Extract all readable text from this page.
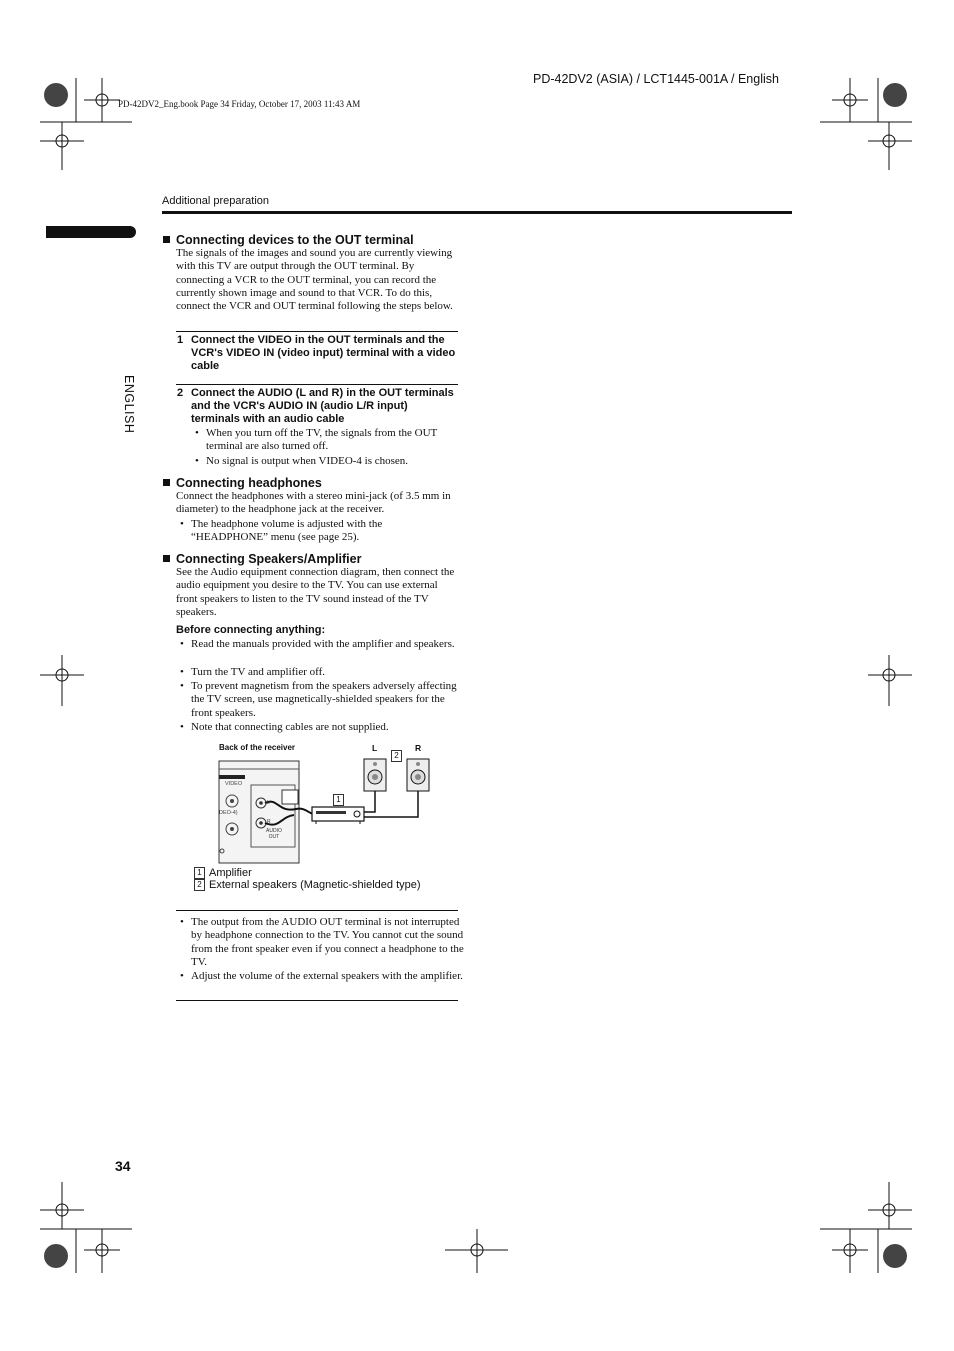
PD-42DV2 (ASIA) / LCT1445-001A / English
PD-42DV2_Eng.book Page 34 Friday, October 17, 2003 11:43 AM
Additional preparation
ENGLISH
Connecting devices to the OUT terminal
The signals of the images and sound you are currently viewing with this TV are output through the OUT terminal. By connecting a VCR to the OUT terminal, you can record the currently shown image and sound to that VCR. To do this, connect the VCR and OUT terminal following the steps below.
1 Connect the VIDEO in the OUT terminals and the VCR's VIDEO IN (video input) terminal with a video cable
2 Connect the AUDIO (L and R) in the OUT terminals and the VCR's AUDIO IN (audio L/R input) terminals with an audio cable
• When you turn off the TV, the signals from the OUT terminal are also turned off.
• No signal is output when VIDEO-4 is chosen.
Connecting headphones
Connect the headphones with a stereo mini-jack (of 3.5 mm in diameter) to the headphone jack at the receiver.
• The headphone volume is adjusted with the “HEADPHONE” menu (see page 25).
Connecting Speakers/Amplifier
See the Audio equipment connection diagram, then connect the audio equipment you desire to the TV. You can use external front speakers to listen to the TV sound instead of the TV speakers.
Before connecting anything:
• Read the manuals provided with the amplifier and speakers.
• Turn the TV and amplifier off.
• To prevent magnetism from the speakers adversely affecting the TV screen, use magnetically-shielded speakers for the front speakers.
• Note that connecting cables are not supplied.
Back of the receiver	L	R
2
1
VIDEO
DEO-4)
L
R
AUDIO
OUT
1 Amplifier
2 External speakers (Magnetic-shielded type)
• The output from the AUDIO OUT terminal is not interrupted by headphone connection to the TV. You cannot cut the sound from the front speaker even if you connect a headphone to the TV.
• Adjust the volume of the external speakers with the amplifier.
34
